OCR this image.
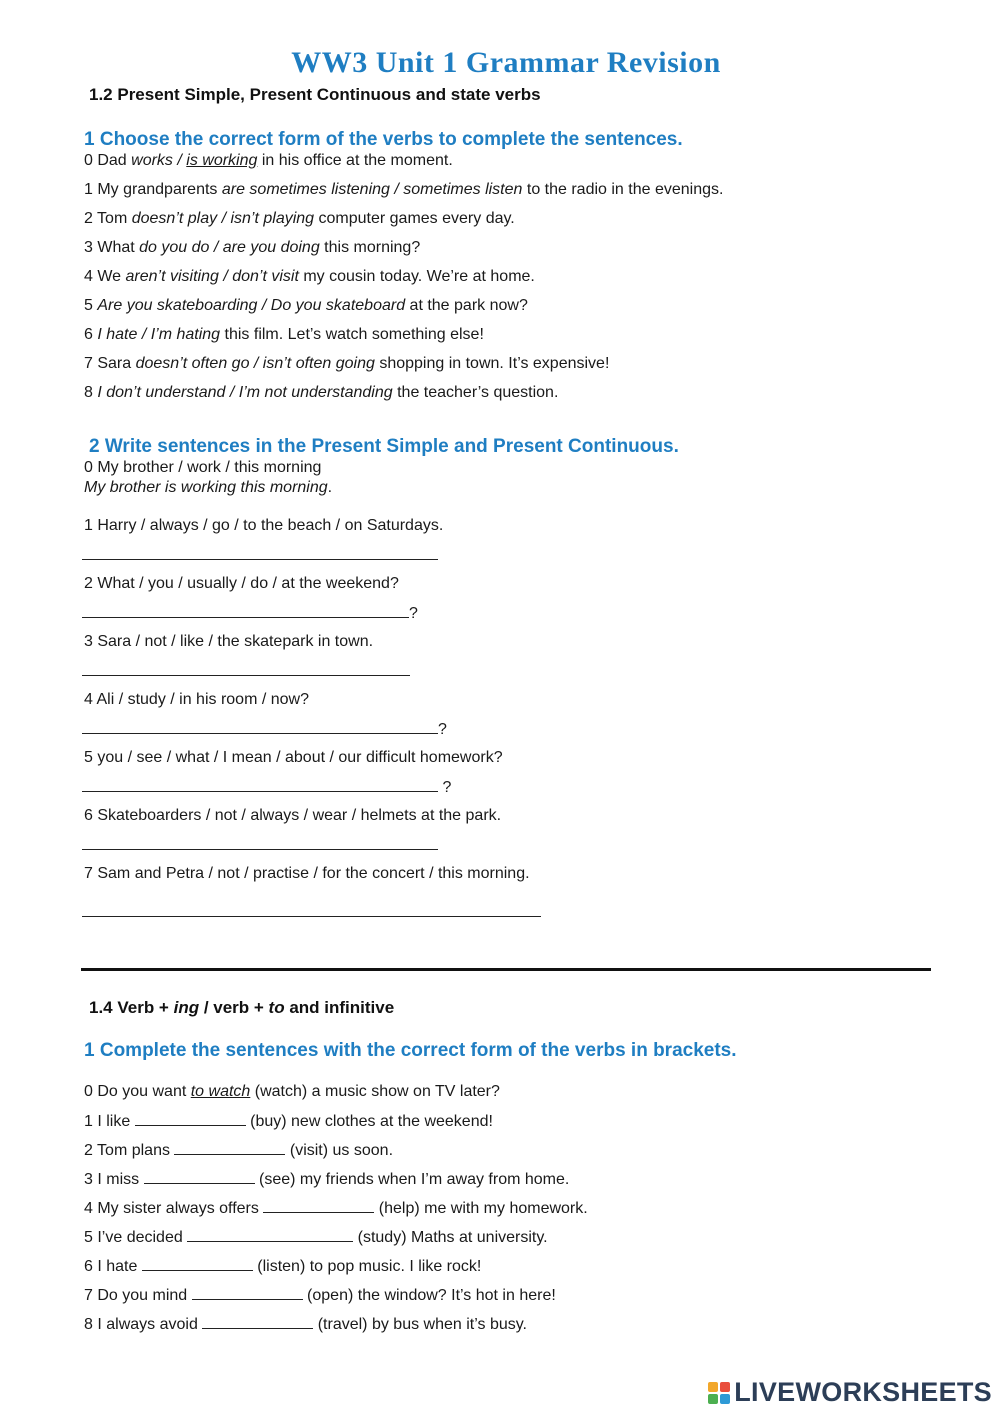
WW3 Unit 1 Grammar Revision
1.2 Present Simple, Present Continuous and state verbs
1 Choose the correct form of the verbs to complete the sentences.
0 Dad works / is working in his office at the moment.
1 My grandparents are sometimes listening / sometimes listen to the radio in the evenings.
2 Tom doesn’t play / isn’t playing computer games every day.
3 What do you do / are you doing this morning?
4 We aren’t visiting / don’t visit my cousin today. We’re at home.
5 Are you skateboarding / Do you skateboard at the park now?
6 I hate / I’m hating this film. Let’s watch something else!
7 Sara doesn’t often go / isn’t often going shopping in town. It’s expensive!
8 I don’t understand / I’m not understanding the teacher’s question.
2 Write sentences in the Present Simple and Present Continuous.
0 My brother / work / this morning
My brother is working this morning.
1 Harry / always / go / to the beach / on Saturdays.
2 What / you / usually / do / at the weekend?
?
3 Sara / not / like / the skatepark in town.
4 Ali / study / in his room / now?
?
5 you / see / what / I mean / about / our difficult homework?
?
6 Skateboarders / not / always / wear / helmets at the park.
7 Sam and Petra / not / practise / for the concert / this morning.
1.4 Verb + ing / verb + to and infinitive
1 Complete the sentences with the correct form of the verbs in brackets.
0 Do you want to watch (watch) a music show on TV later?
1 I like	(buy) new clothes at the weekend!
2 Tom plans	(visit) us soon.
3 I miss	(see) my friends when I’m away from home.
4 My sister always offers	(help) me with my homework.
5 I’ve decided	(study) Maths at university.
6 I hate	(listen) to pop music. I like rock!
7 Do you mind	(open) the window? It’s hot in here!
8 I always avoid	(travel) by bus when it’s busy.
LIVEWORKSHEETS
